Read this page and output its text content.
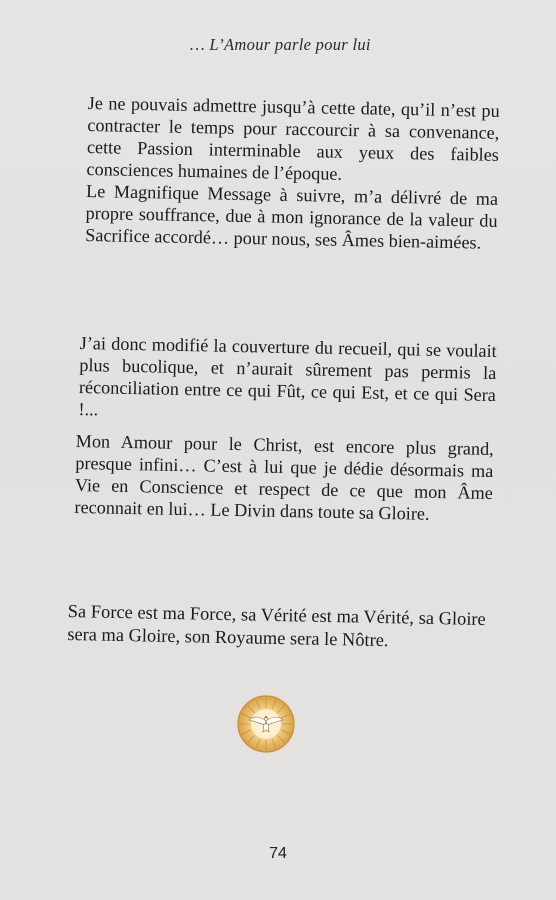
… L’Amour parle pour lui

Je ne pouvais admettre jusqu’à cette date, qu’il n’est pu contracter le temps pour raccourcir à sa convenance, cette Passion interminable aux yeux des faibles consciences humaines de l’époque.

Le Magnifique Message à suivre, m’a délivré de ma propre souffrance, due à mon ignorance de la valeur du Sacrifice accordé… pour nous, ses Âmes bien-aimées.

J’ai donc modifié la couverture du recueil, qui se voulait plus bucolique, et n’aurait sûrement pas permis la réconciliation entre ce qui Fût, ce qui Est, et ce qui Sera !...

Mon Amour pour le Christ, est encore plus grand, presque infini… C’est à lui que je dédie désormais ma Vie en Conscience et respect de ce que mon Âme reconnait en lui… Le Divin dans toute sa Gloire.

Sa Force est ma Force, sa Vérité est ma Vérité, sa Gloire sera ma Gloire, son Royaume sera le Nôtre.

74
